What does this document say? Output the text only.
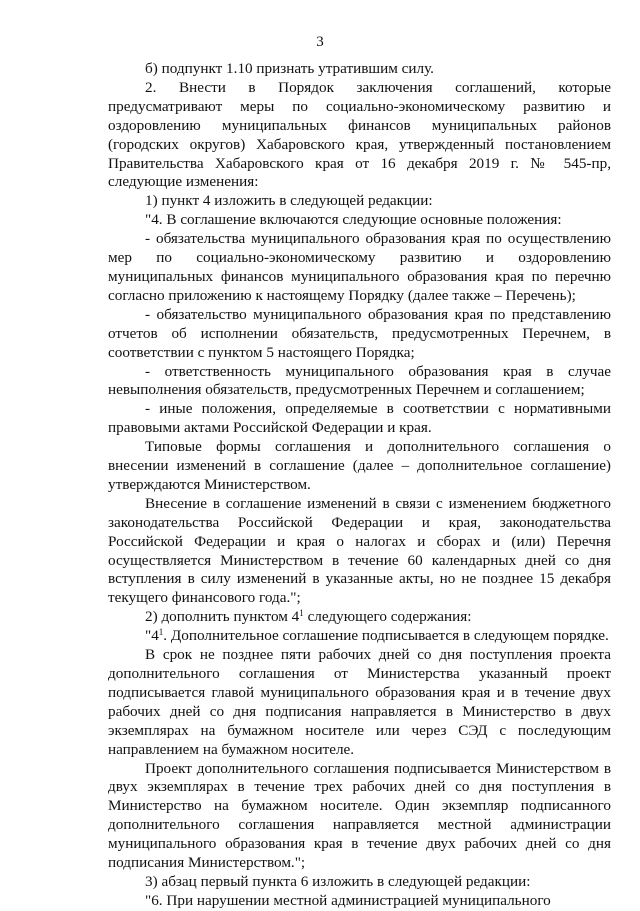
3

б) подпункт 1.10 признать утратившим силу.

2. Внести в Порядок заключения соглашений, которые предусматривают меры по социально-экономическому развитию и оздоровлению муниципальных финансов муниципальных районов (городских округов) Хабаровского края, утвержденный постановлением Правительства Хабаровского края от 16 декабря 2019 г. № 545-пр, следующие изменения:

1) пункт 4 изложить в следующей редакции:

"4. В соглашение включаются следующие основные положения:

- обязательства муниципального образования края по осуществлению мер по социально-экономическому развитию и оздоровлению муниципальных финансов муниципального образования края по перечню согласно приложению к настоящему Порядку (далее также – Перечень);

- обязательство муниципального образования края по представлению отчетов об исполнении обязательств, предусмотренных Перечнем, в соответствии с пунктом 5 настоящего Порядка;

- ответственность муниципального образования края в случае невыполнения обязательств, предусмотренных Перечнем и соглашением;

- иные положения, определяемые в соответствии с нормативными правовыми актами Российской Федерации и края.

Типовые формы соглашения и дополнительного соглашения о внесении изменений в соглашение (далее – дополнительное соглашение) утверждаются Министерством.

Внесение в соглашение изменений в связи с изменением бюджетного законодательства Российской Федерации и края, законодательства Российской Федерации и края о налогах и сборах и (или) Перечня осуществляется Министерством в течение 60 календарных дней со дня вступления в силу изменений в указанные акты, но не позднее 15 декабря текущего финансового года.";

2) дополнить пунктом $4^1$ следующего содержания:

"$4^1$. Дополнительное соглашение подписывается в следующем порядке.

В срок не позднее пяти рабочих дней со дня поступления проекта дополнительного соглашения от Министерства указанный проект подписывается главой муниципального образования края и в течение двух рабочих дней со дня подписания направляется в Министерство в двух экземплярах на бумажном носителе или через СЭД с последующим направлением на бумажном носителе.

Проект дополнительного соглашения подписывается Министерством в двух экземплярах в течение трех рабочих дней со дня поступления в Министерство на бумажном носителе. Один экземпляр подписанного дополнительного соглашения направляется местной администрации муниципального образования края в течение двух рабочих дней со дня подписания Министерством.";

3) абзац первый пункта 6 изложить в следующей редакции:

"6. При нарушении местной администрацией муниципального
